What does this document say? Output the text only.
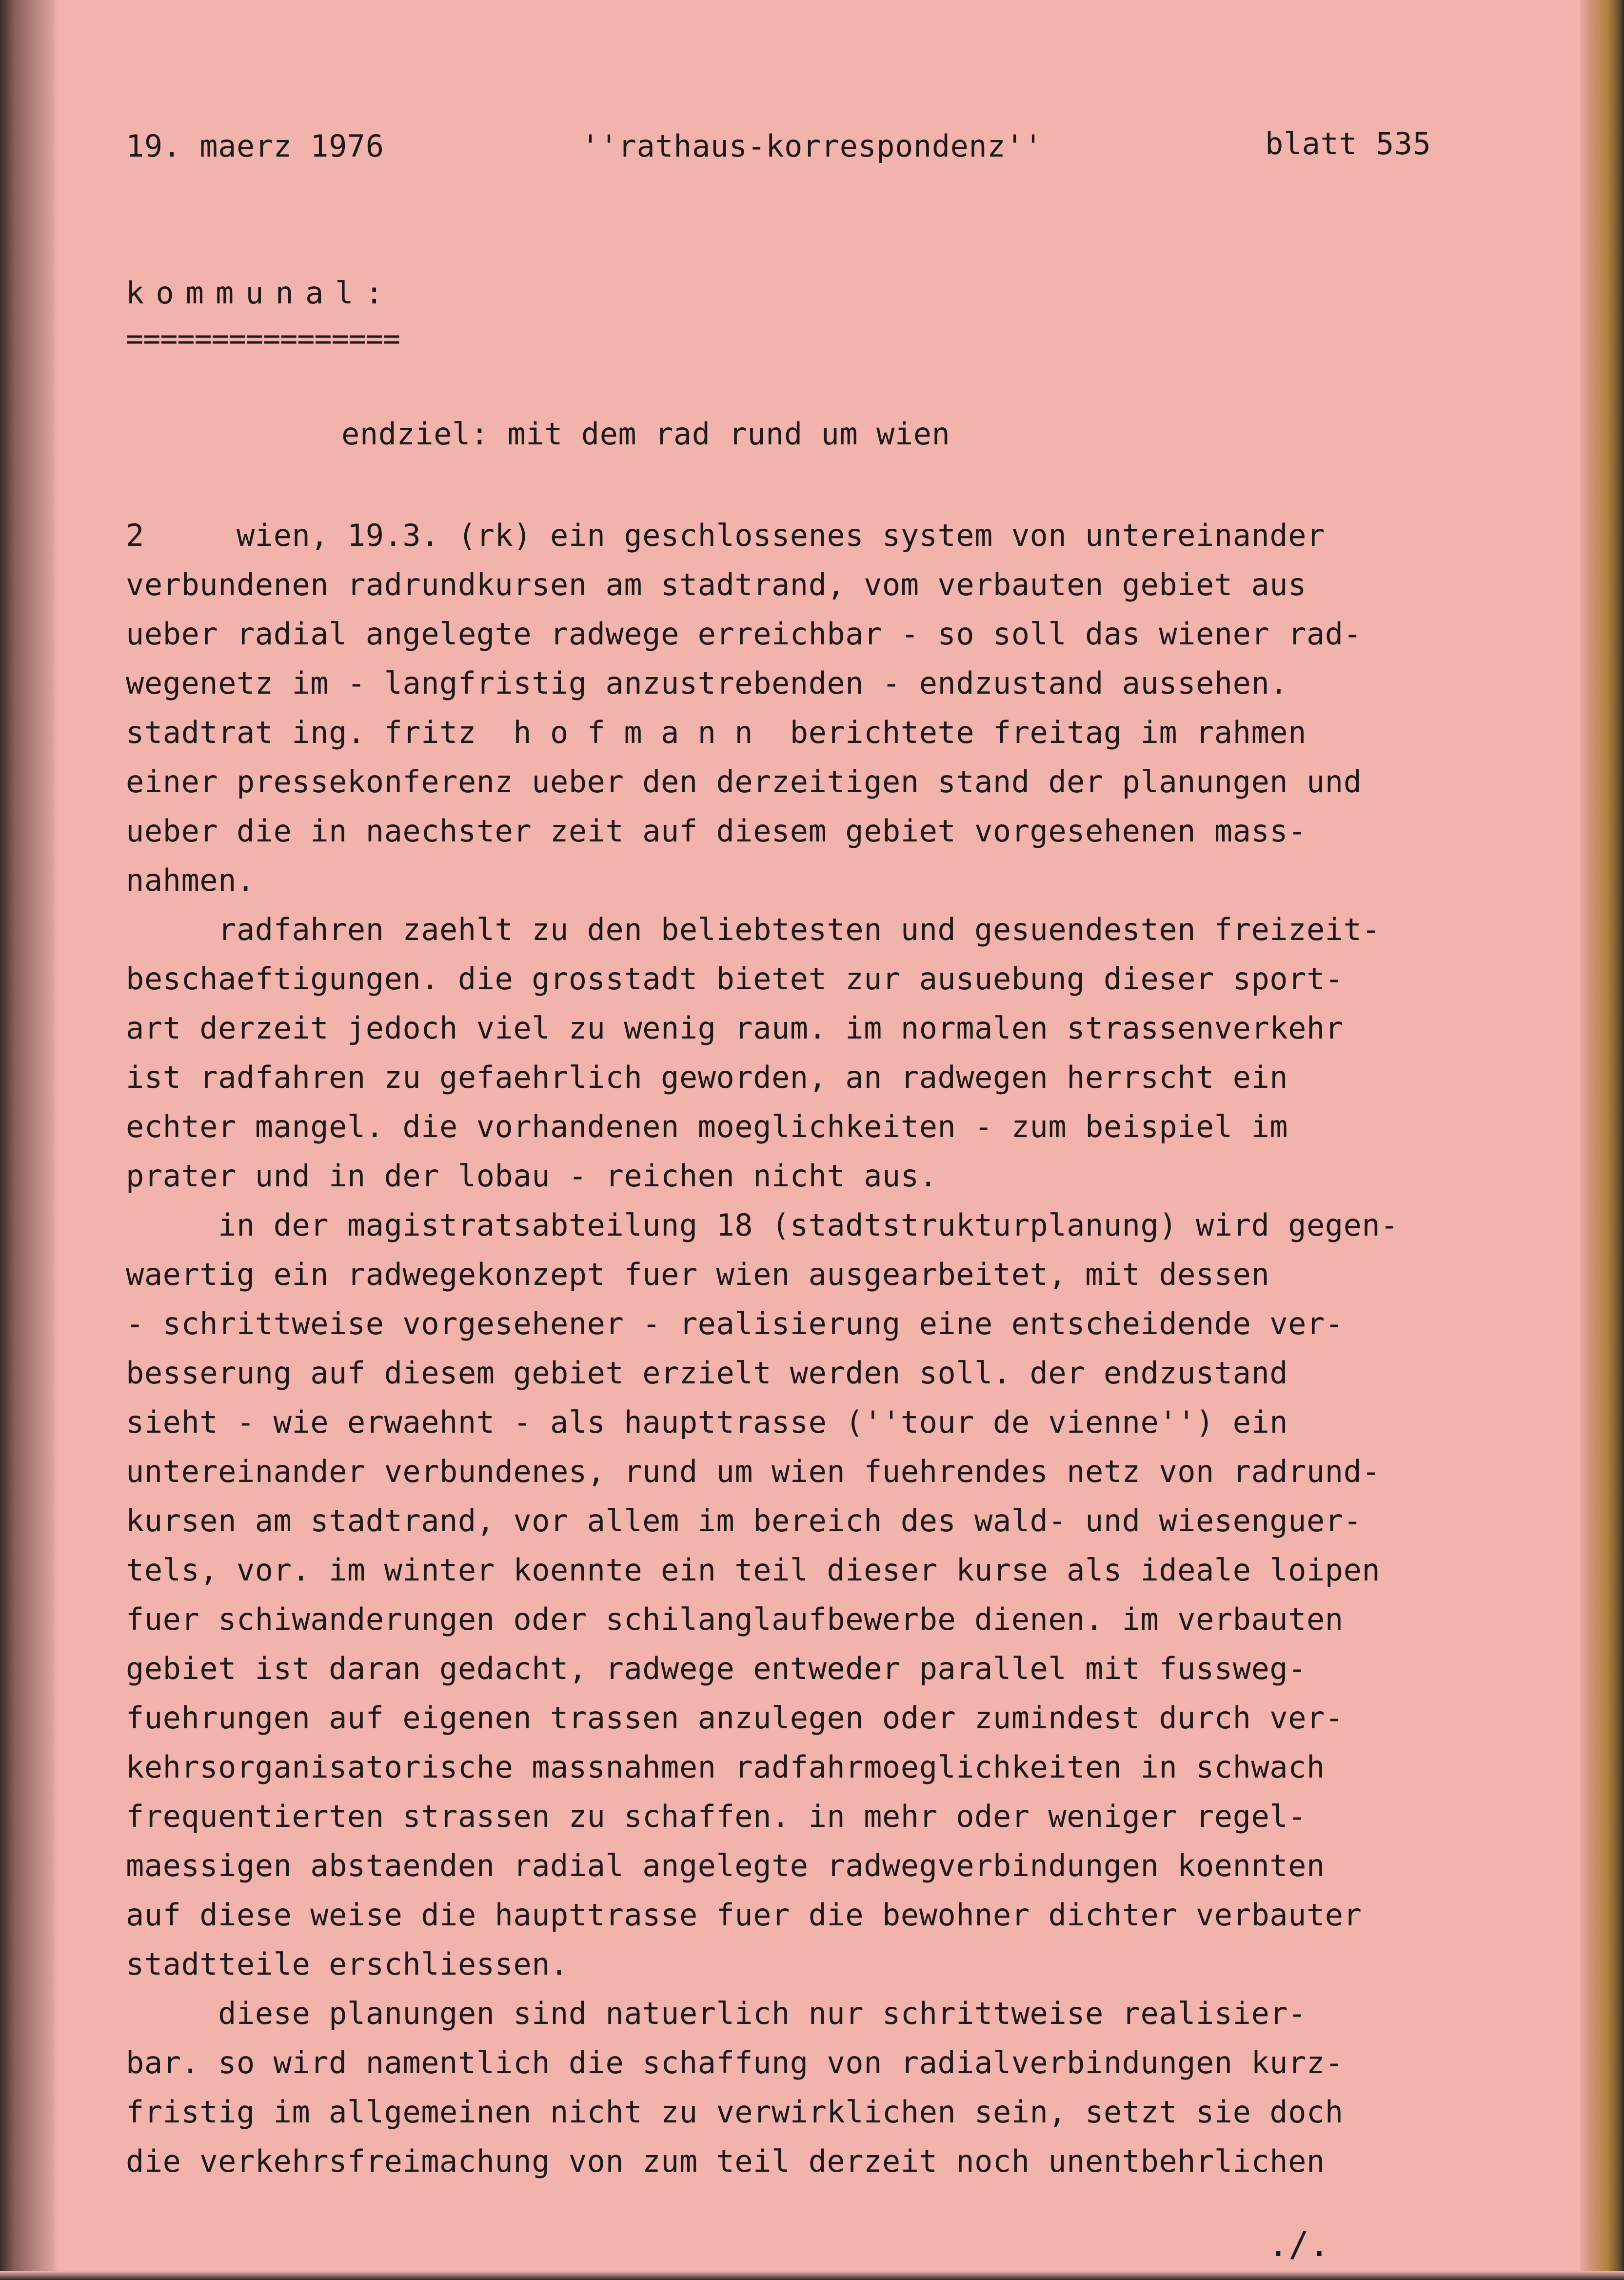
19. maerz 1976	''rathaus-korrespondenz''	blatt 535
kommunal:
================
endziel: mit dem rad rund um wien
2     wien, 19.3. (rk) ein geschlossenes system von untereinander
verbundenen radrundkursen am stadtrand, vom verbauten gebiet aus
ueber radial angelegte radwege erreichbar - so soll das wiener rad-
wegenetz im - langfristig anzustrebenden - endzustand aussehen.
stadtrat ing. fritz  h o f m a n n  berichtete freitag im rahmen
einer pressekonferenz ueber den derzeitigen stand der planungen und
ueber die in naechster zeit auf diesem gebiet vorgesehenen mass-
nahmen.
radfahren zaehlt zu den beliebtesten und gesuendesten freizeit-
beschaeftigungen. die grosstadt bietet zur ausuebung dieser sport-
art derzeit jedoch viel zu wenig raum. im normalen strassenverkehr
ist radfahren zu gefaehrlich geworden, an radwegen herrscht ein
echter mangel. die vorhandenen moeglichkeiten - zum beispiel im
prater und in der lobau - reichen nicht aus.
in der magistratsabteilung 18 (stadtstrukturplanung) wird gegen-
waertig ein radwegekonzept fuer wien ausgearbeitet, mit dessen
- schrittweise vorgesehener - realisierung eine entscheidende ver-
besserung auf diesem gebiet erzielt werden soll. der endzustand
sieht - wie erwaehnt - als haupttrasse (''tour de vienne'') ein
untereinander verbundenes, rund um wien fuehrendes netz von radrund-
kursen am stadtrand, vor allem im bereich des wald- und wiesenguer-
tels, vor. im winter koennte ein teil dieser kurse als ideale loipen
fuer schiwanderungen oder schilanglaufbewerbe dienen. im verbauten
gebiet ist daran gedacht, radwege entweder parallel mit fussweg-
fuehrungen auf eigenen trassen anzulegen oder zumindest durch ver-
kehrsorganisatorische massnahmen radfahrmoeglichkeiten in schwach
frequentierten strassen zu schaffen. in mehr oder weniger regel-
maessigen abstaenden radial angelegte radwegverbindungen koennten
auf diese weise die haupttrasse fuer die bewohner dichter verbauter
stadtteile erschliessen.
diese planungen sind natuerlich nur schrittweise realisier-
bar. so wird namentlich die schaffung von radialverbindungen kurz-
fristig im allgemeinen nicht zu verwirklichen sein, setzt sie doch
die verkehrsfreimachung von zum teil derzeit noch unentbehrlichen
./.
